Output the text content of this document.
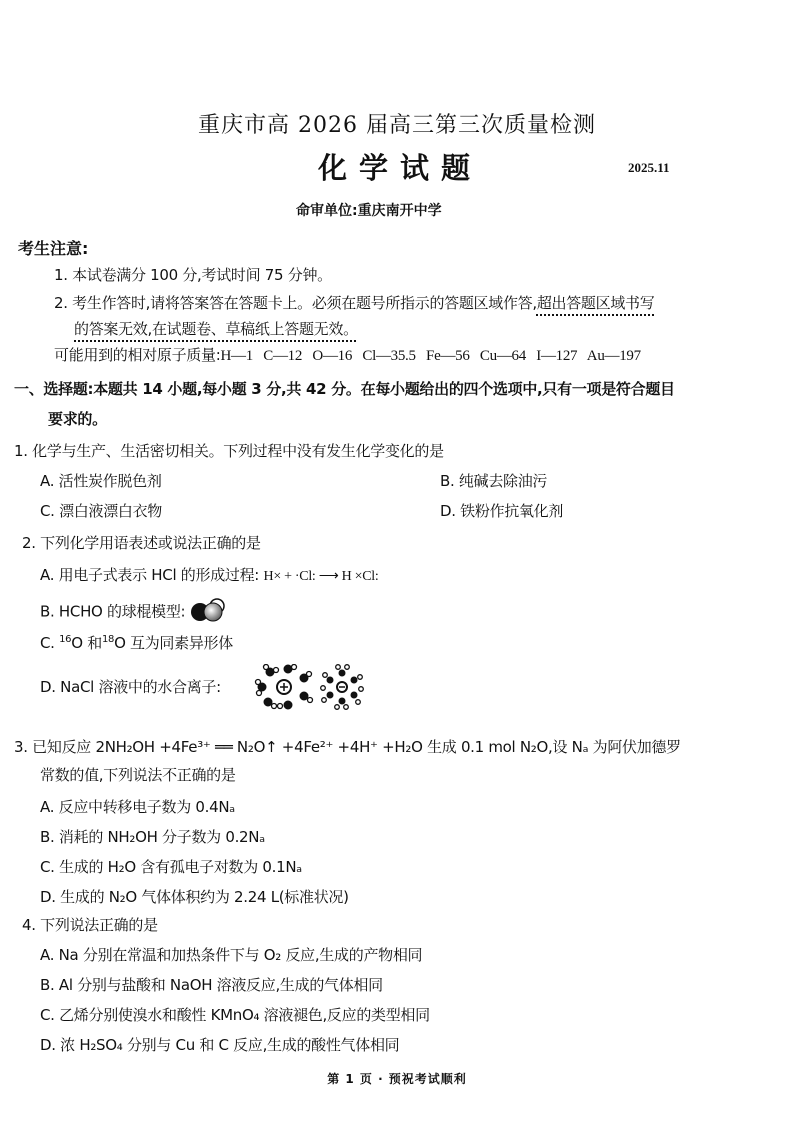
重庆市高 2026 届高三第三次质量检测
化学试题	2025.11
命审单位:重庆南开中学
考生注意:
1. 本试卷满分 100 分,考试时间 75 分钟。
2. 考生作答时,请将答案答在答题卡上。必须在题号所指示的答题区域作答,超出答题区域书写
的答案无效,在试题卷、草稿纸上答题无效。
可能用到的相对原子质量:H—1   C—12   O—16   Cl—35.5   Fe—56   Cu—64   I—127   Au—197
一、选择题:本题共 14 小题,每小题 3 分,共 42 分。在每小题给出的四个选项中,只有一项是符合题目
要求的。
1. 化学与生产、生活密切相关。下列过程中没有发生化学变化的是
A. 活性炭作脱色剂	B. 纯碱去除油污
C. 漂白液漂白衣物	D. 铁粉作抗氧化剂
2. 下列化学用语表述或说法正确的是
A. 用电子式表示 HCl 的形成过程: H× + ·Cl: ⟶ H ×Cl:
B. HCHO 的球棍模型:
C. $^{16}$O 和$^{18}$O 互为同素异形体
D. NaCl 溶液中的水合离子:
3. 已知反应 2NH₂OH +4Fe³⁺ ══ N₂O↑ +4Fe²⁺ +4H⁺ +H₂O 生成 0.1 mol N₂O,设 Nₐ 为阿伏加德罗
常数的值,下列说法不正确的是
A. 反应中转移电子数为 0.4Nₐ
B. 消耗的 NH₂OH 分子数为 0.2Nₐ
C. 生成的 H₂O 含有孤电子对数为 0.1Nₐ
D. 生成的 N₂O 气体体积约为 2.24 L(标准状况)
4. 下列说法正确的是
A. Na 分别在常温和加热条件下与 O₂ 反应,生成的产物相同
B. Al 分别与盐酸和 NaOH 溶液反应,生成的气体相同
C. 乙烯分别使溴水和酸性 KMnO₄ 溶液褪色,反应的类型相同
D. 浓 H₂SO₄ 分别与 Cu 和 C 反应,生成的酸性气体相同
第 1 页 · 预祝考试顺利
